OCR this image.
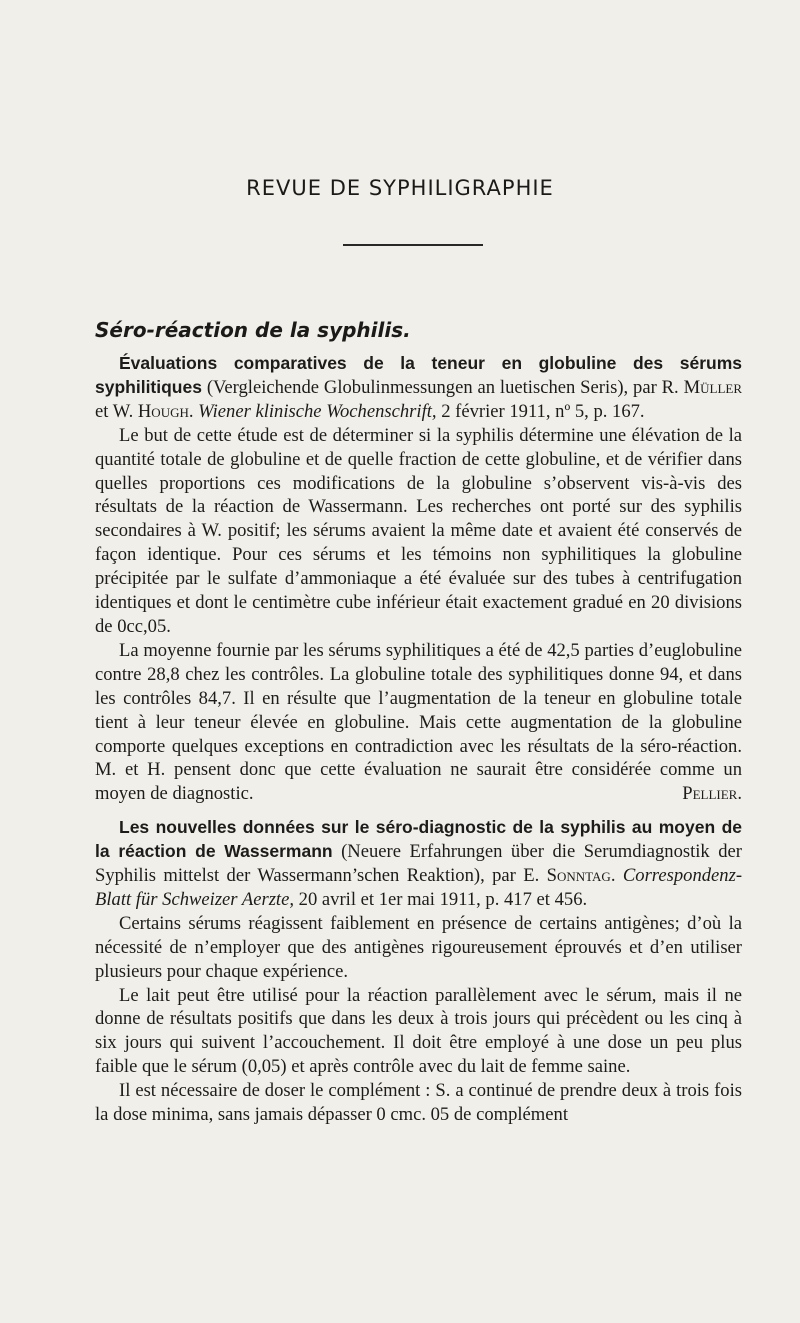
REVUE DE SYPHILIGRAPHIE
Séro-réaction de la syphilis.

Évaluations comparatives de la teneur en globuline des sérums syphilitiques (Vergleichende Globulinmessungen an luetischen Seris), par R. Müller et W. Hough. Wiener klinische Wochenschrift, 2 février 1911, nº 5, p. 167.

Le but de cette étude est de déterminer si la syphilis détermine une élévation de la quantité totale de globuline et de quelle fraction de cette globuline, et de vérifier dans quelles proportions ces modifications de la globuline s’observent vis-à-vis des résultats de la réaction de Wassermann. Les recherches ont porté sur des syphilis secondaires à W. positif; les sérums avaient la même date et avaient été conservés de façon identique. Pour ces sérums et les témoins non syphilitiques la globuline précipitée par le sulfate d’ammoniaque a été évaluée sur des tubes à centrifugation identiques et dont le centimètre cube inférieur était exactement gradué en 20 divisions de 0cc,05.

La moyenne fournie par les sérums syphilitiques a été de 42,5 parties d’euglobuline contre 28,8 chez les contrôles. La globuline totale des syphilitiques donne 94, et dans les contrôles 84,7. Il en résulte que l’augmentation de la teneur en globuline totale tient à leur teneur élevée en globuline. Mais cette augmentation de la globuline comporte quelques exceptions en contradiction avec les résultats de la séro-réaction. M. et H. pensent donc que cette évaluation ne saurait être considérée comme un moyen de diagnostic.	Pellier.

Les nouvelles données sur le séro-diagnostic de la syphilis au moyen de la réaction de Wassermann (Neuere Erfahrungen über die Serumdiagnostik der Syphilis mittelst der Wassermann’schen Reaktion), par E. Sonntag. Correspondenz-Blatt für Schweizer Aerzte, 20 avril et 1er mai 1911, p. 417 et 456.

Certains sérums réagissent faiblement en présence de certains antigènes; d’où la nécessité de n’employer que des antigènes rigoureusement éprouvés et d’en utiliser plusieurs pour chaque expérience.

Le lait peut être utilisé pour la réaction parallèlement avec le sérum, mais il ne donne de résultats positifs que dans les deux à trois jours qui précèdent ou les cinq à six jours qui suivent l’accouchement. Il doit être employé à une dose un peu plus faible que le sérum (0,05) et après contrôle avec du lait de femme saine.

Il est nécessaire de doser le complément : S. a continué de prendre deux à trois fois la dose minima, sans jamais dépasser 0 cmc. 05 de complément
